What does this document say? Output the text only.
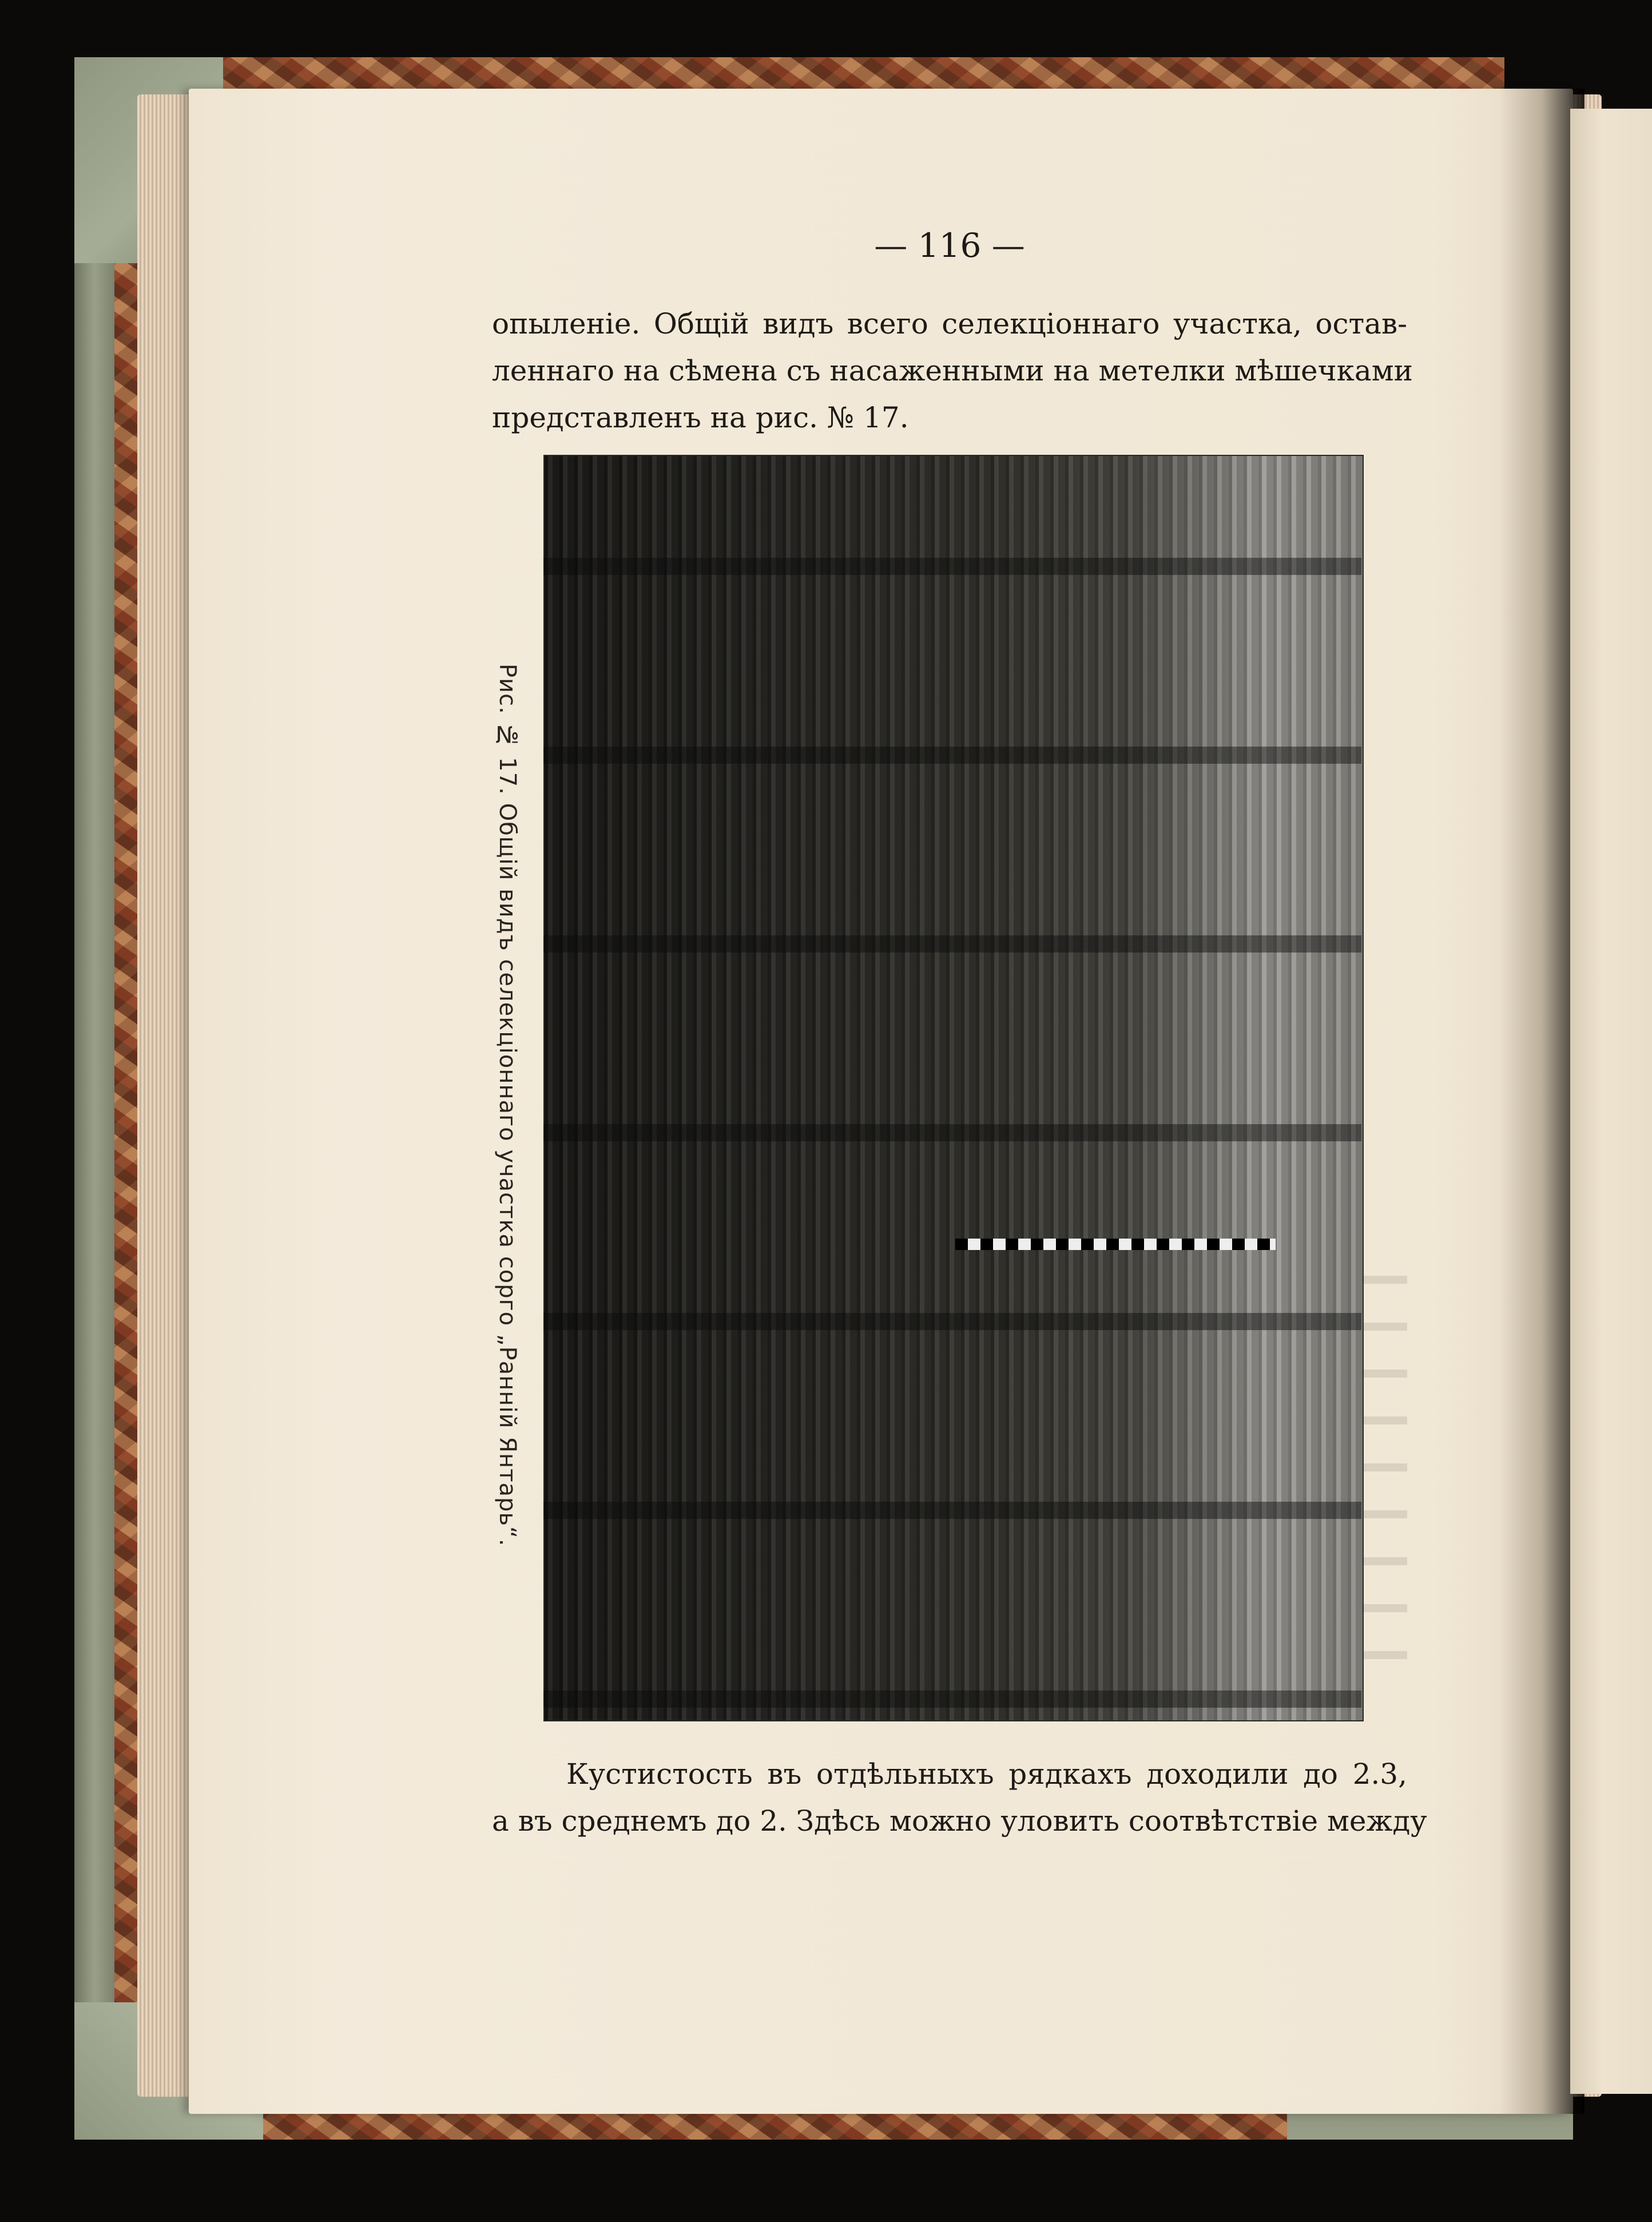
— 116 —
опыленіе. Общій видъ всего селекціоннаго участка, остав-
леннаго на сѣмена съ насаженными на метелки мѣшечками
представленъ на рис. № 17.
Рис. № 17. Общій видъ селекціоннаго участка сорго „Ранній Янтарь“.
Кустистость въ отдѣльныхъ рядкахъ доходили до 2.3,
а въ среднемъ до 2. Здѣсь можно уловить соотвѣтствіе между
